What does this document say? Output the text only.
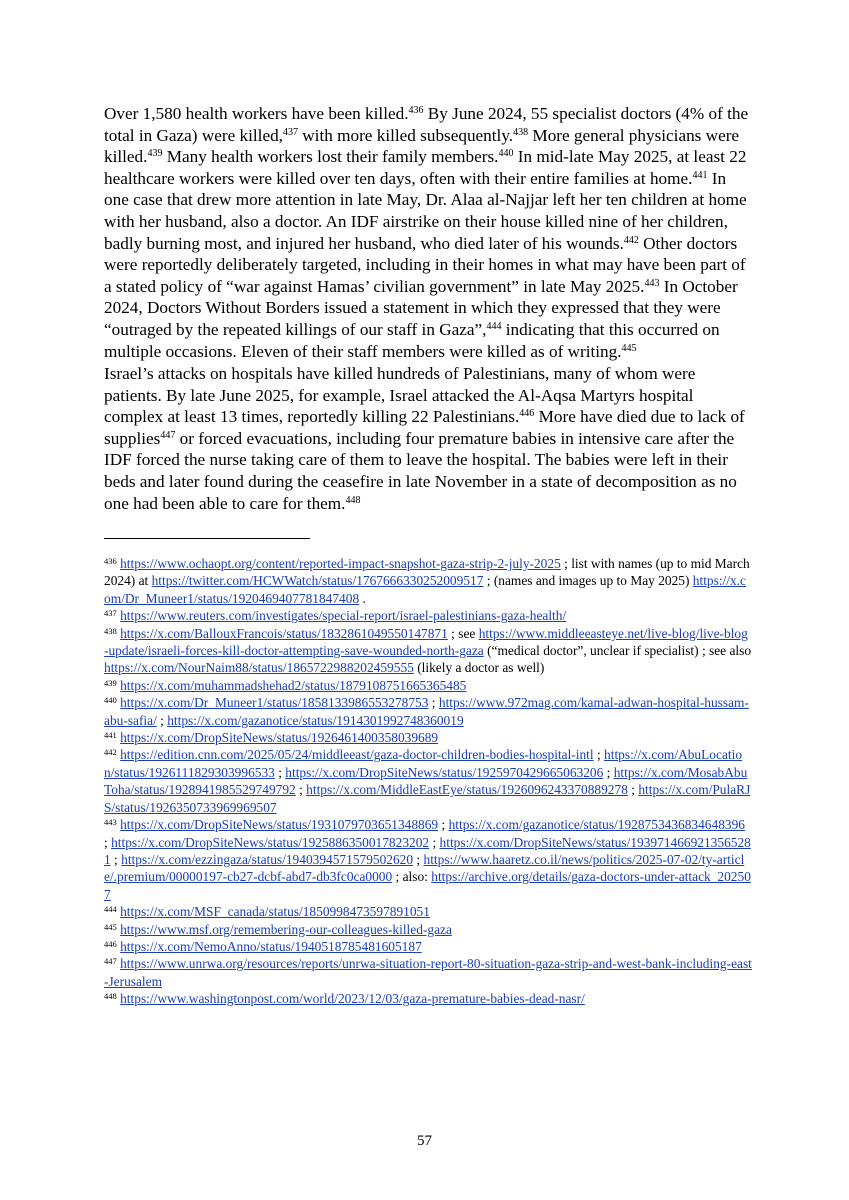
Over 1,580 health workers have been killed.$^{436}$ By June 2024, 55 specialist doctors (4% of the total in Gaza) were killed,$^{437}$ with more killed subsequently.$^{438}$ More general physicians were killed.$^{439}$ Many health workers lost their family members.$^{440}$ In mid-late May 2025, at least 22 healthcare workers were killed over ten days, often with their entire families at home.$^{441}$ In one case that drew more attention in late May, Dr. Alaa al-Najjar left her ten children at home with her husband, also a doctor. An IDF airstrike on their house killed nine of her children, badly burning most, and injured her husband, who died later of his wounds.$^{442}$ Other doctors were reportedly deliberately targeted, including in their homes in what may have been part of a stated policy of “war against Hamas’ civilian government” in late May 2025.$^{443}$ In October 2024, Doctors Without Borders issued a statement in which they expressed that they were “outraged by the repeated killings of our staff in Gaza”,$^{444}$ indicating that this occurred on multiple occasions. Eleven of their staff members were killed as of writing.$^{445}$

Israel’s attacks on hospitals have killed hundreds of Palestinians, many of whom were patients. By late June 2025, for example, Israel attacked the Al-Aqsa Martyrs hospital complex at least 13 times, reportedly killing 22 Palestinians.$^{446}$ More have died due to lack of supplies$^{447}$ or forced evacuations, including four premature babies in intensive care after the IDF forced the nurse taking care of them to leave the hospital. The babies were left in their beds and later found during the ceasefire in late November in a state of decomposition as no one had been able to care for them.$^{448}$

$^{436}$ https://www.ochaopt.org/content/reported-impact-snapshot-gaza-strip-2-july-2025 ; list with names (up to mid March 2024) at https://twitter.com/HCWWatch/status/1767666330252009517 ; (names and images up to May 2025) https://x.com/Dr_Muneer1/status/1920469407781847408 .

$^{437}$ https://www.reuters.com/investigates/special-report/israel-palestinians-gaza-health/

$^{438}$ https://x.com/BallouxFrancois/status/1832861049550147871 ; see https://www.middleeasteye.net/live-blog/live-blog-update/israeli-forces-kill-doctor-attempting-save-wounded-north-gaza (“medical doctor”, unclear if specialist) ; see also https://x.com/NourNaim88/status/1865722988202459555 (likely a doctor as well)

$^{439}$ https://x.com/muhammadshehad2/status/1879108751665365485

$^{440}$ https://x.com/Dr_Muneer1/status/1858133986553278753 ; https://www.972mag.com/kamal-adwan-hospital-hussam-abu-safia/ ; https://x.com/gazanotice/status/1914301992748360019

$^{441}$ https://x.com/DropSiteNews/status/1926461400358039689

$^{442}$ https://edition.cnn.com/2025/05/24/middleeast/gaza-doctor-children-bodies-hospital-intl ; https://x.com/AbuLocation/status/1926111829303996533 ; https://x.com/DropSiteNews/status/1925970429665063206 ; https://x.com/MosabAbuToha/status/1928941985529749792 ; https://x.com/MiddleEastEye/status/1926096243370889278 ; https://x.com/PulaRJS/status/1926350733969969507

$^{443}$ https://x.com/DropSiteNews/status/1931079703651348869 ; https://x.com/gazanotice/status/1928753436834648396 ; https://x.com/DropSiteNews/status/1925886350017823202 ; https://x.com/DropSiteNews/status/1939714669213565281 ; https://x.com/ezzingaza/status/1940394571579502620 ; https://www.haaretz.co.il/news/politics/2025-07-02/ty-article/.premium/00000197-cb27-dcbf-abd7-db3fc0ca0000 ; also: https://archive.org/details/gaza-doctors-under-attack_202507

$^{444}$ https://x.com/MSF_canada/status/1850998473597891051

$^{445}$ https://www.msf.org/remembering-our-colleagues-killed-gaza

$^{446}$ https://x.com/NemoAnno/status/1940518785481605187

$^{447}$ https://www.unrwa.org/resources/reports/unrwa-situation-report-80-situation-gaza-strip-and-west-bank-including-east-Jerusalem

$^{448}$ https://www.washingtonpost.com/world/2023/12/03/gaza-premature-babies-dead-nasr/

57
